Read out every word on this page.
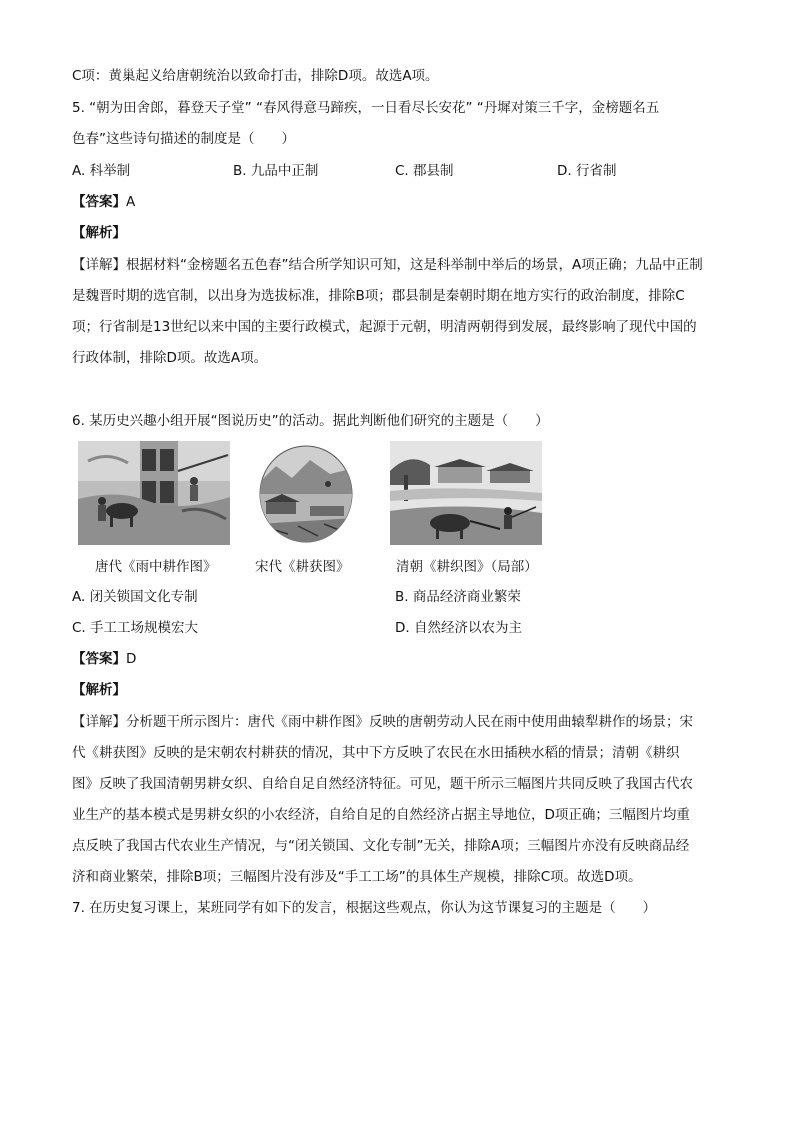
C项：黄巢起义给唐朝统治以致命打击，排除D项。故选A项。
5. “朝为田舍郎，暮登天子堂” “春风得意马蹄疾，一日看尽长安花” “丹墀对策三千字，金榜题名五
色春”这些诗句描述的制度是（　　）
A. 科举制	B. 九品中正制	C. 郡县制	D. 行省制
【答案】A
【解析】
【详解】根据材料“金榜题名五色春”结合所学知识可知，这是科举制中举后的场景，A项正确；九品中正制
是魏晋时期的选官制，以出身为选拔标准，排除B项；郡县制是秦朝时期在地方实行的政治制度，排除C
项；行省制是13世纪以来中国的主要行政模式，起源于元朝，明清两朝得到发展，最终影响了现代中国的
行政体制，排除D项。故选A项。
6. 某历史兴趣小组开展“图说历史”的活动。据此判断他们研究的主题是（　　）
唐代《雨中耕作图》	宋代《耕获图》	清朝《耕织图》（局部）
A. 闭关锁国文化专制	B. 商品经济商业繁荣
C. 手工工场规模宏大	D. 自然经济以农为主
【答案】D
【解析】
【详解】分析题干所示图片：唐代《雨中耕作图》反映的唐朝劳动人民在雨中使用曲辕犁耕作的场景；宋
代《耕获图》反映的是宋朝农村耕获的情况，其中下方反映了农民在水田插秧水稻的情景；清朝《耕织
图》反映了我国清朝男耕女织、自给自足自然经济特征。可见，题干所示三幅图片共同反映了我国古代农
业生产的基本模式是男耕女织的小农经济，自给自足的自然经济占据主导地位，D项正确；三幅图片均重
点反映了我国古代农业生产情况，与“闭关锁国、文化专制”无关，排除A项；三幅图片亦没有反映商品经
济和商业繁荣，排除B项；三幅图片没有涉及“手工工场”的具体生产规模，排除C项。故选D项。
7. 在历史复习课上，某班同学有如下的发言，根据这些观点，你认为这节课复习的主题是（　　）
